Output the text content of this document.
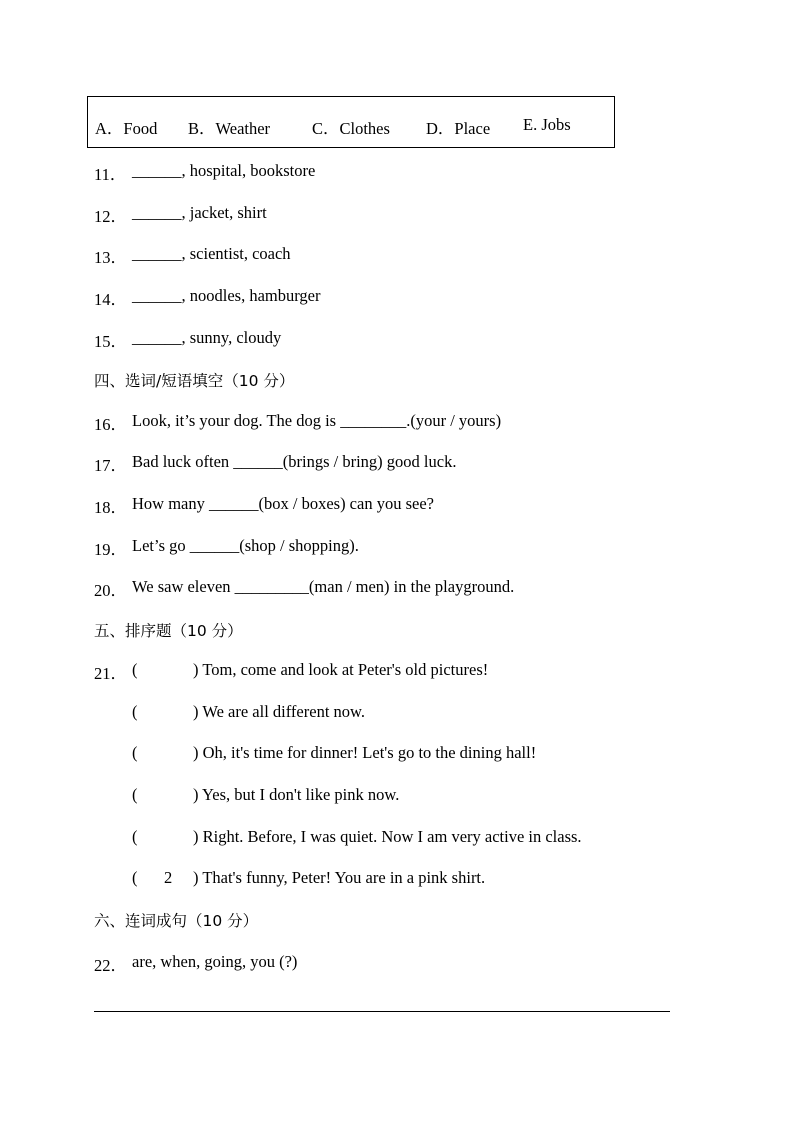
A．Food B．Weather	C．Clothes D．Place E. Jobs
11． ______, hospital, bookstore
12． ______, jacket, shirt
13． ______, scientist, coach
14． ______, noodles, hamburger
15． ______, sunny, cloudy
四、选词/短语填空（10 分）
16． Look, it’s your dog. The dog is ________.(your / yours)
17． Bad luck often ______(brings / bring) good luck.
18． How many ______(box / boxes) can you see?
19． Let’s go ______(shop / shopping).
20． We saw eleven _________(man / men) in the playground.
五、排序题（10 分）
21． (	) Tom, come and look at Peter's old pictures!
(	) We are all different now.
(	) Oh, it's time for dinner! Let's go to the dining hall!
(	) Yes, but I don't like pink now.
(	) Right. Before, I was quiet. Now I am very active in class.
( 2 ) That's funny, Peter! You are in a pink shirt.
六、连词成句（10 分）
22． are, when, going, you (?)
